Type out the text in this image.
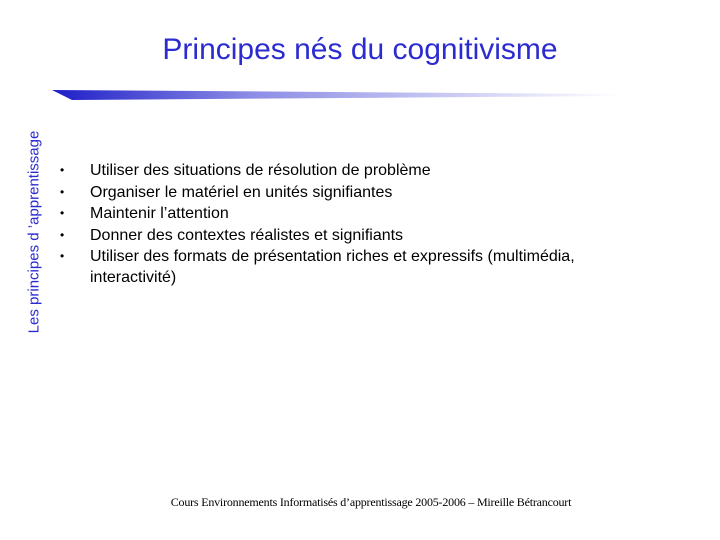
Les principes d ’apprentissage
Principes nés du cognitivisme
•	Utiliser des situations de résolution de problème
•	Organiser le matériel en unités signifiantes
•	Maintenir l’attention
•	Donner des contextes réalistes et signifiants
•	Utiliser des formats de présentation riches et expressifs (multimédia, interactivité)
Cours Environnements Informatisés d’apprentissage 2005-2006 – Mireille Bétrancourt
